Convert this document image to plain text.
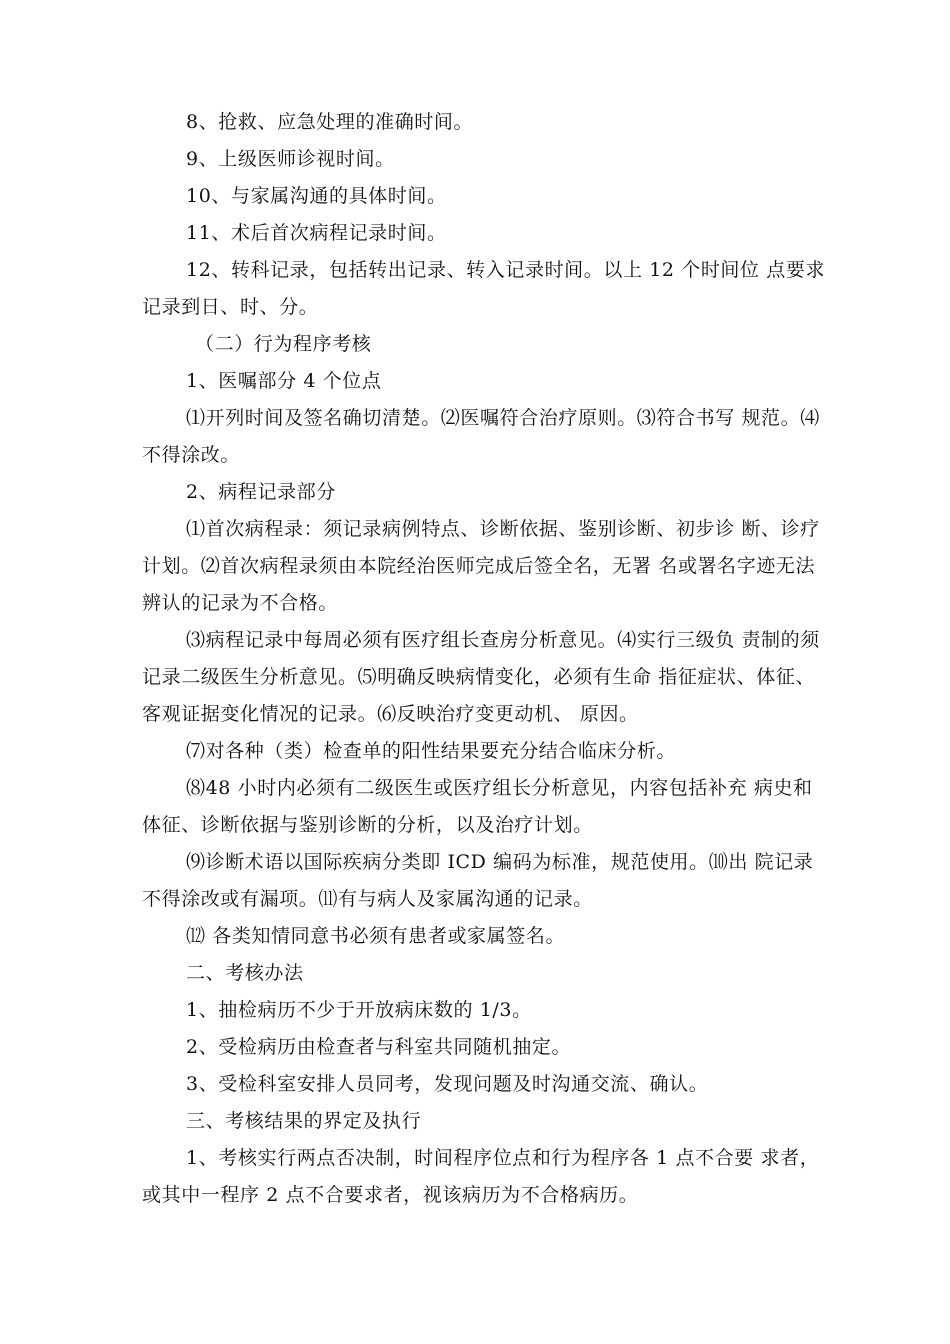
8、抢救、应急处理的准确时间。

9、上级医师诊视时间。

10、与家属沟通的具体时间。

11、术后首次病程记录时间。

12、转科记录，包括转出记录、转入记录时间。以上 12 个时间位 点要求记录到日、时、分。

（二）行为程序考核

1、医嘱部分 4 个位点

⑴开列时间及签名确切清楚。⑵医嘱符合治疗原则。⑶符合书写 规范。⑷不得涂改。

2、病程记录部分

⑴首次病程录：须记录病例特点、诊断依据、鉴别诊断、初步诊 断、诊疗计划。⑵首次病程录须由本院经治医师完成后签全名，无署 名或署名字迹无法辨认的记录为不合格。

⑶病程记录中每周必须有医疗组长查房分析意见。⑷实行三级负 责制的须记录二级医生分析意见。⑸明确反映病情变化，必须有生命 指征症状、体征、客观证据变化情况的记录。⑹反映治疗变更动机、 原因。

⑺对各种（类）检查单的阳性结果要充分结合临床分析。

⑻48 小时内必须有二级医生或医疗组长分析意见，内容包括补充 病史和体征、诊断依据与鉴别诊断的分析，以及治疗计划。

⑼诊断术语以国际疾病分类即 ICD 编码为标准，规范使用。⑽出 院记录不得涂改或有漏项。⑾有与病人及家属沟通的记录。

⑿ 各类知情同意书必须有患者或家属签名。

二、考核办法

1、抽检病历不少于开放病床数的 1/3。

2、受检病历由检查者与科室共同随机抽定。

3、受检科室安排人员同考，发现问题及时沟通交流、确认。

三、考核结果的界定及执行

1、考核实行两点否决制，时间程序位点和行为程序各 1 点不合要 求者，或其中一程序 2 点不合要求者，视该病历为不合格病历。
